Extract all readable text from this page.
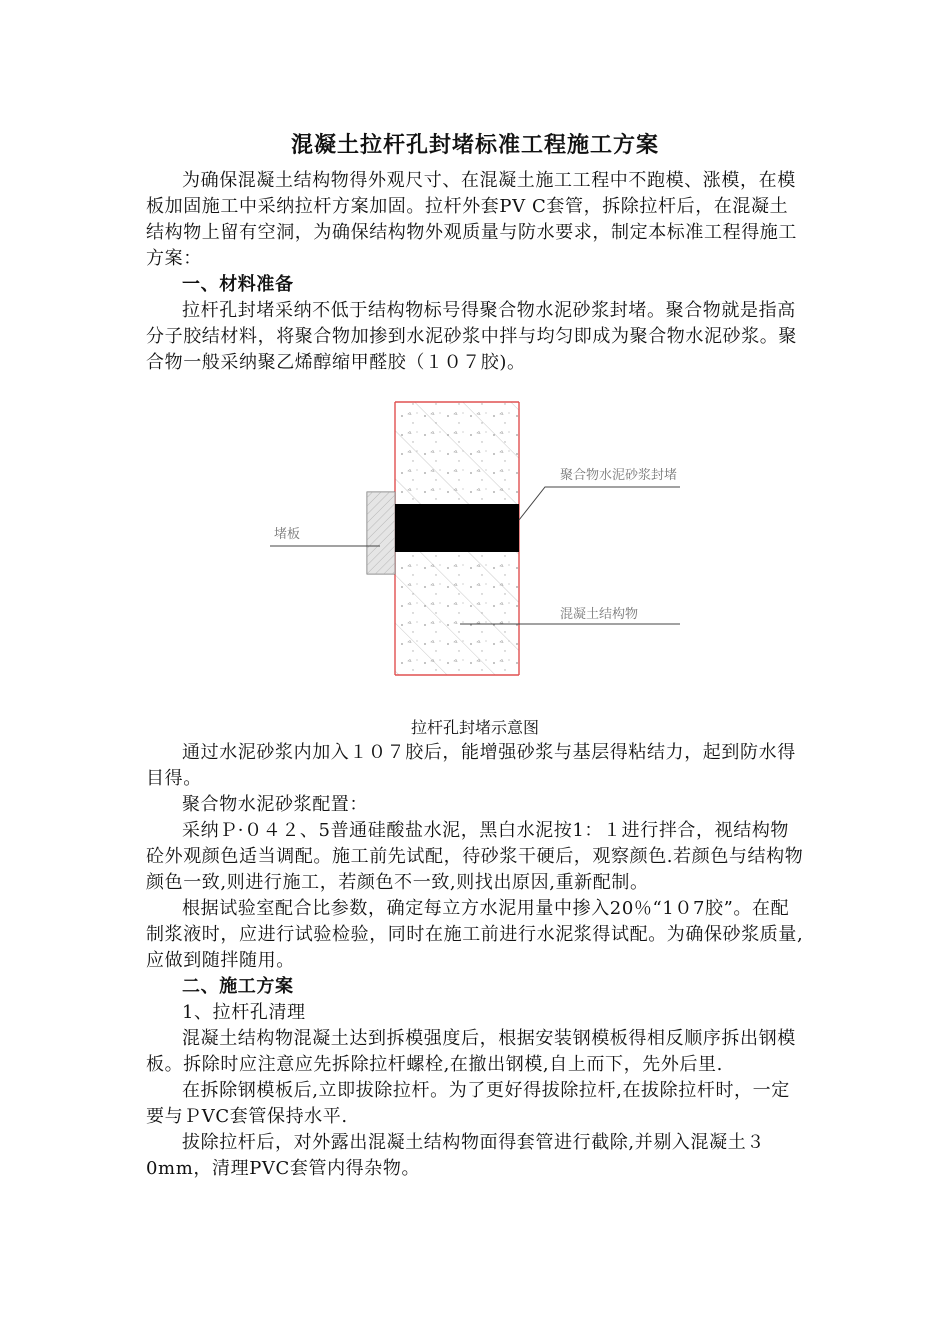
混凝土拉杆孔封堵标准工程施工方案

为确保混凝土结构物得外观尺寸、在混凝土施工工程中不跑模、涨模，在模板加固施工中采纳拉杆方案加固。拉杆外套PV C套管，拆除拉杆后，在混凝土结构物上留有空洞，为确保结构物外观质量与防水要求，制定本标准工程得施工方案：

一、材料准备

拉杆孔封堵采纳不低于结构物标号得聚合物水泥砂浆封堵。聚合物就是指高分子胶结材料，将聚合物加掺到水泥砂浆中拌与均匀即成为聚合物水泥砂浆。聚合物一般采纳聚乙烯醇缩甲醛胶（１０７胶)。

聚合物水泥砂浆封堵
堵板
混凝土结构物

拉杆孔封堵示意图

通过水泥砂浆内加入１０７胶后，能增强砂浆与基层得粘结力，起到防水得目得。

聚合物水泥砂浆配置：

采纳Ｐ·０４２、5普通硅酸盐水泥，黑白水泥按1：１进行拌合，视结构物砼外观颜色适当调配。施工前先试配，待砂浆干硬后，观察颜色.若颜色与结构物颜色一致,则进行施工，若颜色不一致,则找出原因,重新配制。

根据试验室配合比参数，确定每立方水泥用量中掺入20％“1０7胶”。在配制浆液时，应进行试验检验，同时在施工前进行水泥浆得试配。为确保砂浆质量,应做到随拌随用。

二、施工方案

1、拉杆孔清理

混凝土结构物混凝土达到拆模强度后，根据安装钢模板得相反顺序拆出钢模板。拆除时应注意应先拆除拉杆螺栓,在撤出钢模,自上而下，先外后里.

在拆除钢模板后,立即拔除拉杆。为了更好得拔除拉杆,在拔除拉杆时，一定要与ＰVC套管保持水平.

拔除拉杆后，对外露出混凝土结构物面得套管进行截除,并剔入混凝土３0mm，清理PVC套管内得杂物。
